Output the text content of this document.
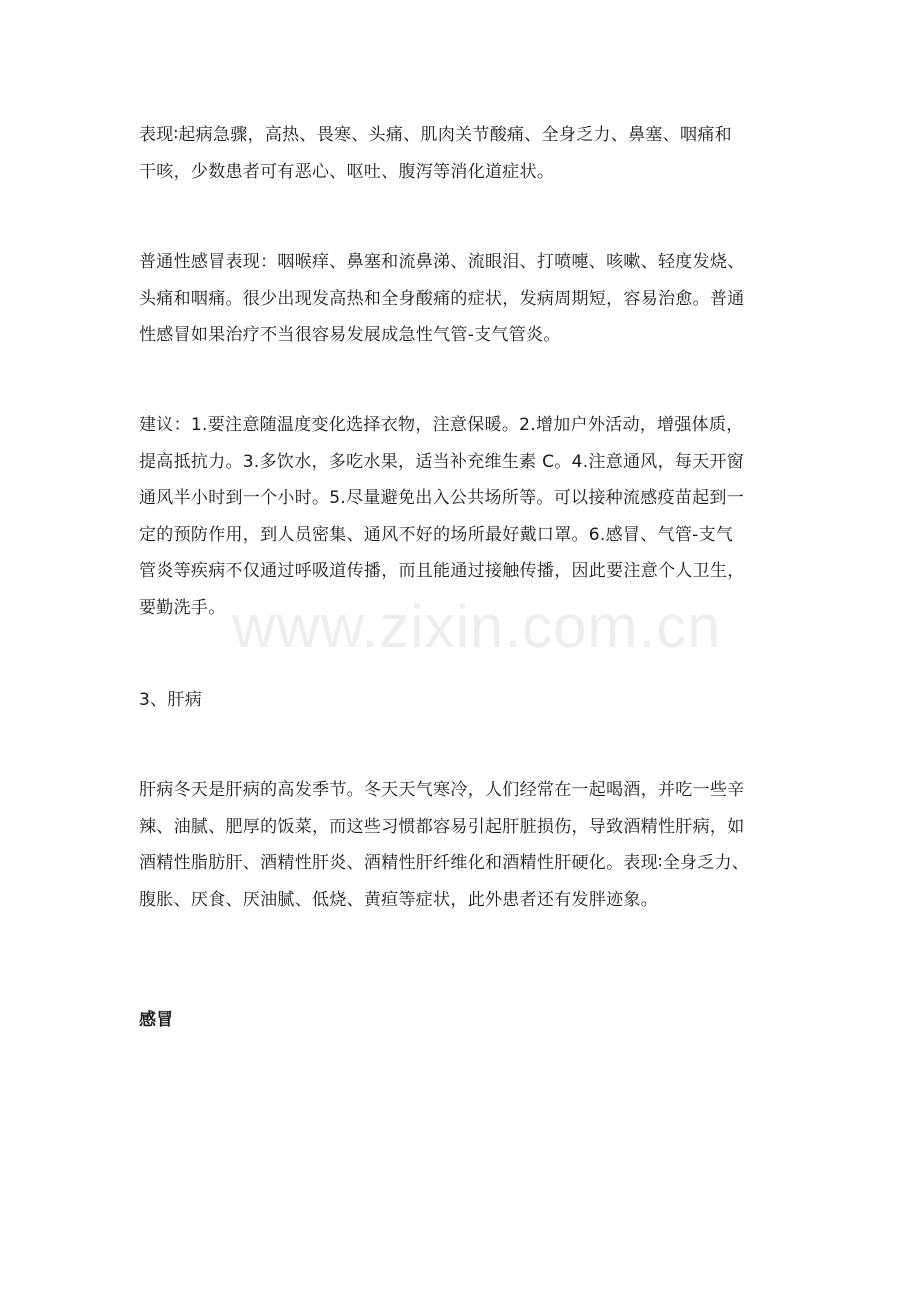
www.zixin.com.cn

表现∶起病急骤，高热、畏寒、头痛、肌肉关节酸痛、全身乏力、鼻塞、咽痛和
干咳，少数患者可有恶心、呕吐、腹泻等消化道症状。

普通性感冒表现：咽喉痒、鼻塞和流鼻涕、流眼泪、打喷嚏、咳嗽、轻度发烧、
头痛和咽痛。很少出现发高热和全身酸痛的症状，发病周期短，容易治愈。普通
性感冒如果治疗不当很容易发展成急性气管-支气管炎。

建议：1.要注意随温度变化选择衣物，注意保暖。2.增加户外活动，增强体质，
提高抵抗力。3.多饮水，多吃水果，适当补充维生素 C。4.注意通风，每天开窗
通风半小时到一个小时。5.尽量避免出入公共场所等。可以接种流感疫苗起到一
定的预防作用，到人员密集、通风不好的场所最好戴口罩。6.感冒、气管-支气
管炎等疾病不仅通过呼吸道传播，而且能通过接触传播，因此要注意个人卫生，
要勤洗手。

3、肝病

肝病冬天是肝病的高发季节。冬天天气寒冷，人们经常在一起喝酒，并吃一些辛
辣、油腻、肥厚的饭菜，而这些习惯都容易引起肝脏损伤，导致酒精性肝病，如
酒精性脂肪肝、酒精性肝炎、酒精性肝纤维化和酒精性肝硬化。表现∶全身乏力、
腹胀、厌食、厌油腻、低烧、黄疸等症状，此外患者还有发胖迹象。

感冒
